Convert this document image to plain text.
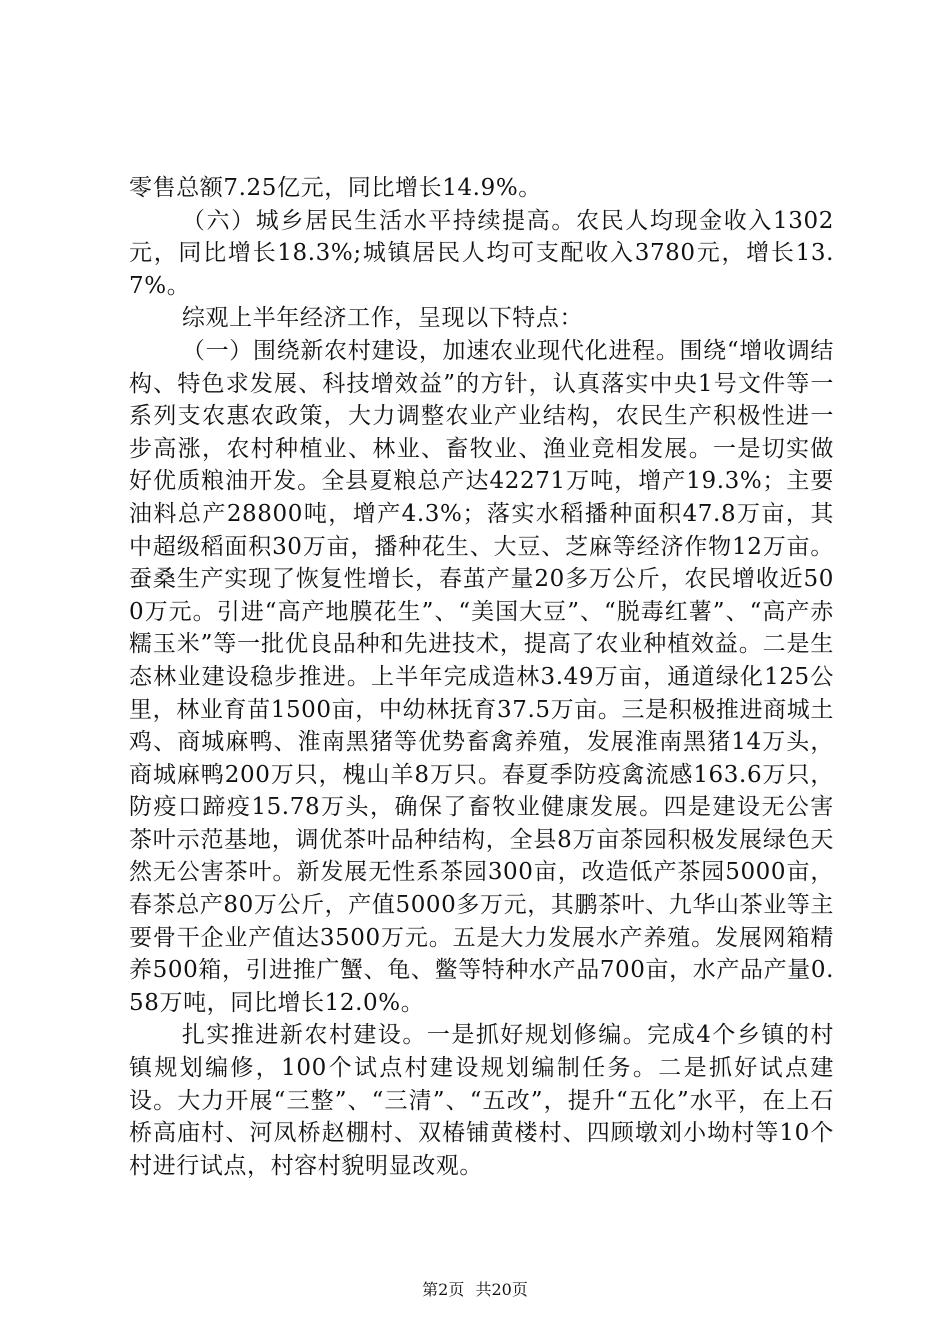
零售总额7.25亿元，同比增长14.9%。

（六）城乡居民生活水平持续提高。农民人均现金收入1302元，同比增长18.3%;城镇居民人均可支配收入3780元，增长13.7%。

综观上半年经济工作，呈现以下特点：

（一）围绕新农村建设，加速农业现代化进程。围绕“增收调结构、特色求发展、科技增效益”的方针，认真落实中央1号文件等一系列支农惠农政策，大力调整农业产业结构，农民生产积极性进一步高涨，农村种植业、林业、畜牧业、渔业竞相发展。一是切实做好优质粮油开发。全县夏粮总产达42271万吨，增产19.3%；主要油料总产28800吨，增产4.3%；落实水稻播种面积47.8万亩，其中超级稻面积30万亩，播种花生、大豆、芝麻等经济作物12万亩。蚕桑生产实现了恢复性增长，春茧产量20多万公斤，农民增收近500万元。引进“高产地膜花生”、“美国大豆”、“脱毒红薯”、“高产赤糯玉米”等一批优良品种和先进技术，提高了农业种植效益。二是生态林业建设稳步推进。上半年完成造林3.49万亩，通道绿化125公里，林业育苗1500亩，中幼林抚育37.5万亩。三是积极推进商城土鸡、商城麻鸭、淮南黑猪等优势畜禽养殖，发展淮南黑猪14万头，商城麻鸭200万只，槐山羊8万只。春夏季防疫禽流感163.6万只，防疫口蹄疫15.78万头，确保了畜牧业健康发展。四是建设无公害茶叶示范基地，调优茶叶品种结构，全县8万亩茶园积极发展绿色天然无公害茶叶。新发展无性系茶园300亩，改造低产茶园5000亩，春茶总产80万公斤，产值5000多万元，其鹏茶叶、九华山茶业等主要骨干企业产值达3500万元。五是大力发展水产养殖。发展网箱精养500箱，引进推广蟹、龟、鳖等特种水产品700亩，水产品产量0.58万吨，同比增长12.0%。

扎实推进新农村建设。一是抓好规划修编。完成4个乡镇的村镇规划编修，100个试点村建设规划编制任务。二是抓好试点建设。大力开展“三整”、“三清”、“五改”，提升“五化”水平，在上石桥高庙村、河凤桥赵棚村、双椿铺黄楼村、四顾墩刘小坳村等10个村进行试点，村容村貌明显改观。

第2页 共20页
